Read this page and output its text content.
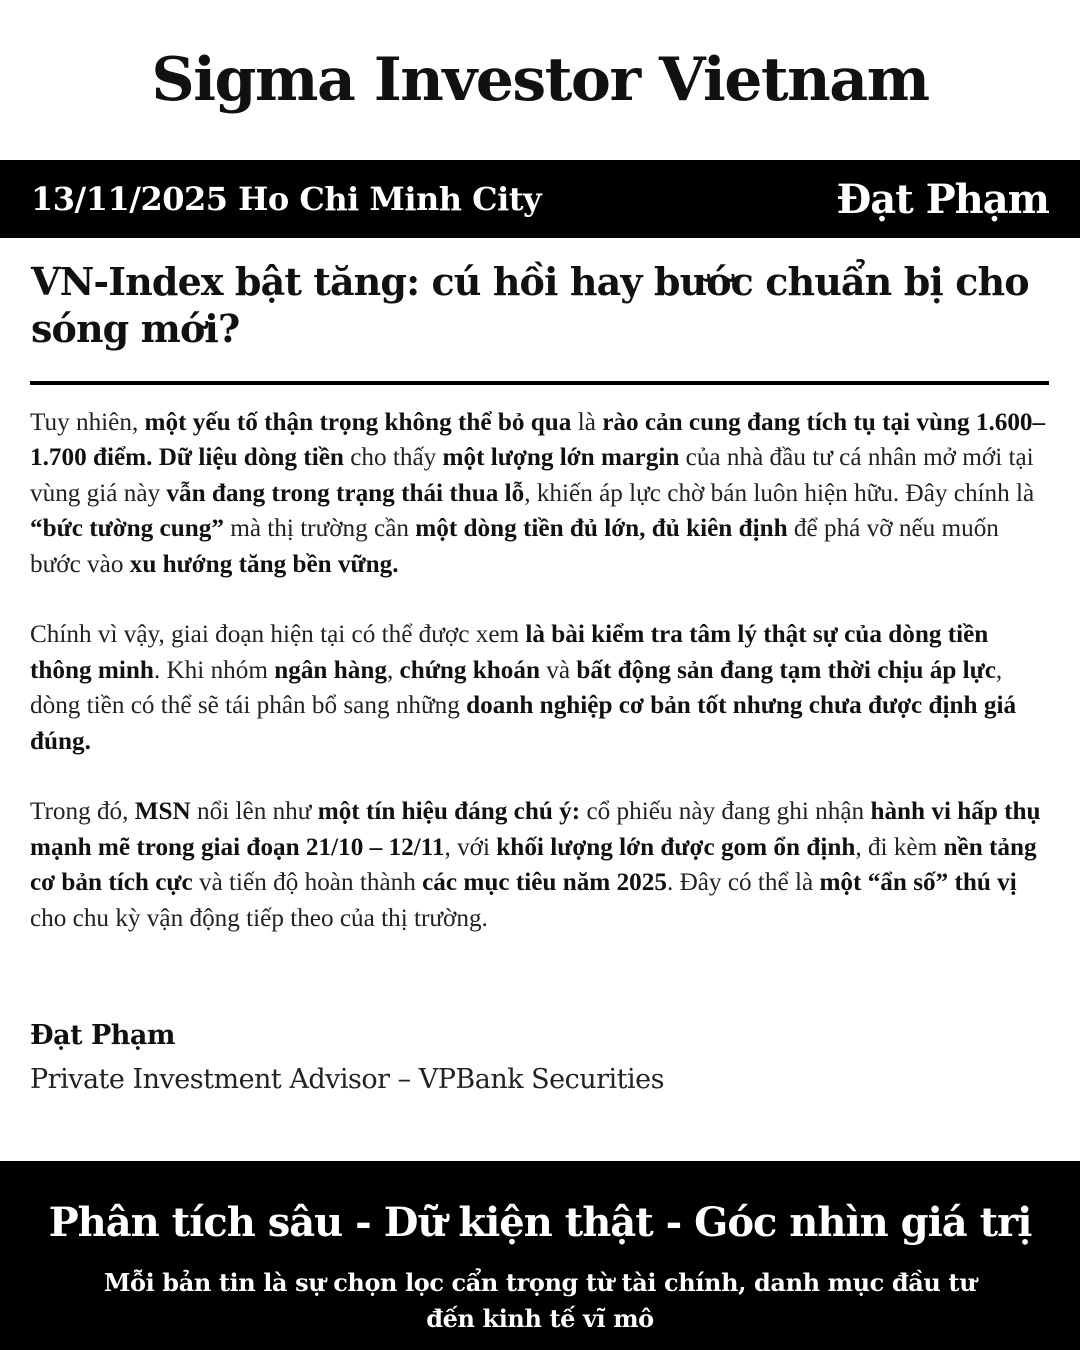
Sigma Investor Vietnam
13/11/2025 Ho Chi Minh City	Đạt Phạm
VN-Index bật tăng: cú hồi hay bước chuẩn bị cho sóng mới?

Tuy nhiên, một yếu tố thận trọng không thể bỏ qua là rào cản cung đang tích tụ tại vùng 1.600–1.700 điểm. Dữ liệu dòng tiền cho thấy một lượng lớn margin của nhà đầu tư cá nhân mở mới tại vùng giá này vẫn đang trong trạng thái thua lỗ, khiến áp lực chờ bán luôn hiện hữu. Đây chính là “bức tường cung” mà thị trường cần một dòng tiền đủ lớn, đủ kiên định để phá vỡ nếu muốn bước vào xu hướng tăng bền vững.

Chính vì vậy, giai đoạn hiện tại có thể được xem là bài kiểm tra tâm lý thật sự của dòng tiền thông minh. Khi nhóm ngân hàng, chứng khoán và bất động sản đang tạm thời chịu áp lực, dòng tiền có thể sẽ tái phân bổ sang những doanh nghiệp cơ bản tốt nhưng chưa được định giá đúng.

Trong đó, MSN nổi lên như một tín hiệu đáng chú ý: cổ phiếu này đang ghi nhận hành vi hấp thụ mạnh mẽ trong giai đoạn 21/10 – 12/11, với khối lượng lớn được gom ổn định, đi kèm nền tảng cơ bản tích cực và tiến độ hoàn thành các mục tiêu năm 2025. Đây có thể là một “ẩn số” thú vị cho chu kỳ vận động tiếp theo của thị trường.

Đạt Phạm
Private Investment Advisor – VPBank Securities
Phân tích sâu - Dữ kiện thật - Góc nhìn giá trị
Mỗi bản tin là sự chọn lọc cẩn trọng từ tài chính, danh mục đầu tư đến kinh tế vĩ mô
